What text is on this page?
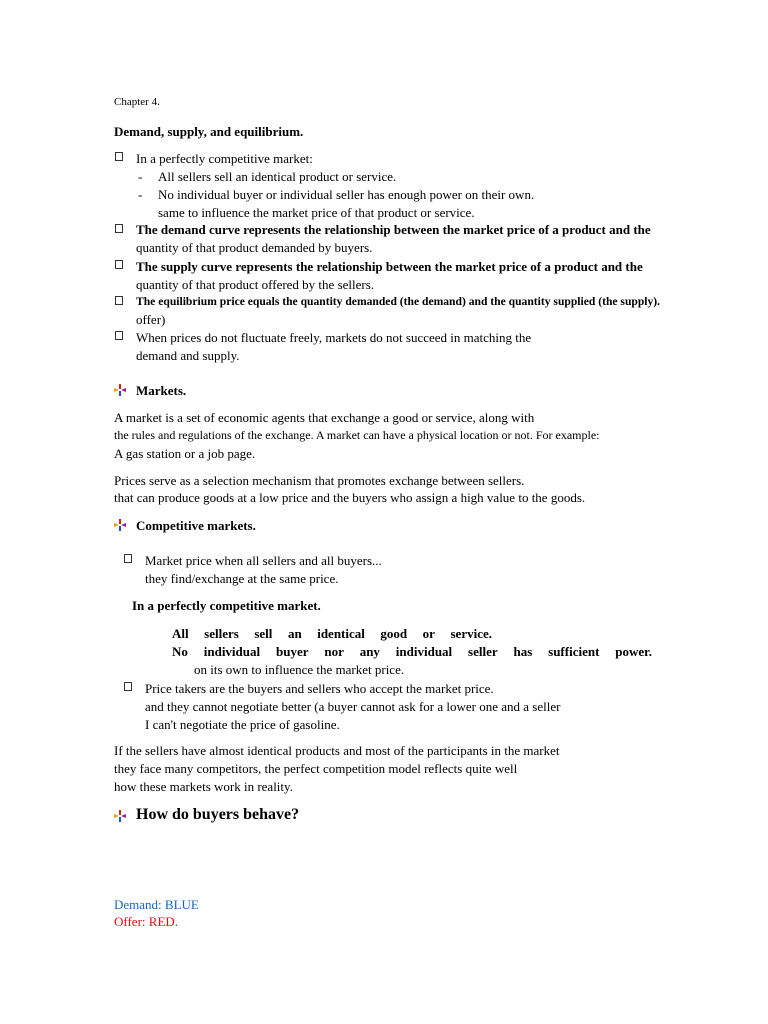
Chapter 4.
Demand, supply, and equilibrium.
In a perfectly competitive market:
- All sellers sell an identical product or service.
- No individual buyer or individual seller has enough power on their own.
same to influence the market price of that product or service.
The demand curve represents the relationship between the market price of a product and the
quantity of that product demanded by buyers.
The supply curve represents the relationship between the market price of a product and the
quantity of that product offered by the sellers.
The equilibrium price equals the quantity demanded (the demand) and the quantity supplied (the supply).
offer)
When prices do not fluctuate freely, markets do not succeed in matching the
demand and supply.
Markets.
A market is a set of economic agents that exchange a good or service, along with
the rules and regulations of the exchange. A market can have a physical location or not. For example:
A gas station or a job page.
Prices serve as a selection mechanism that promotes exchange between sellers.
that can produce goods at a low price and the buyers who assign a high value to the goods.
Competitive markets.
Market price when all sellers and all buyers...
they find/exchange at the same price.
In a perfectly competitive market.
All sellers sell an identical good or service.
No individual buyer nor any individual seller has sufficient power.
on its own to influence the market price.
Price takers are the buyers and sellers who accept the market price.
and they cannot negotiate better (a buyer cannot ask for a lower one and a seller
I can't negotiate the price of gasoline.
If the sellers have almost identical products and most of the participants in the market
they face many competitors, the perfect competition model reflects quite well
how these markets work in reality.
How do buyers behave?
Demand: BLUE
Offer: RED.
